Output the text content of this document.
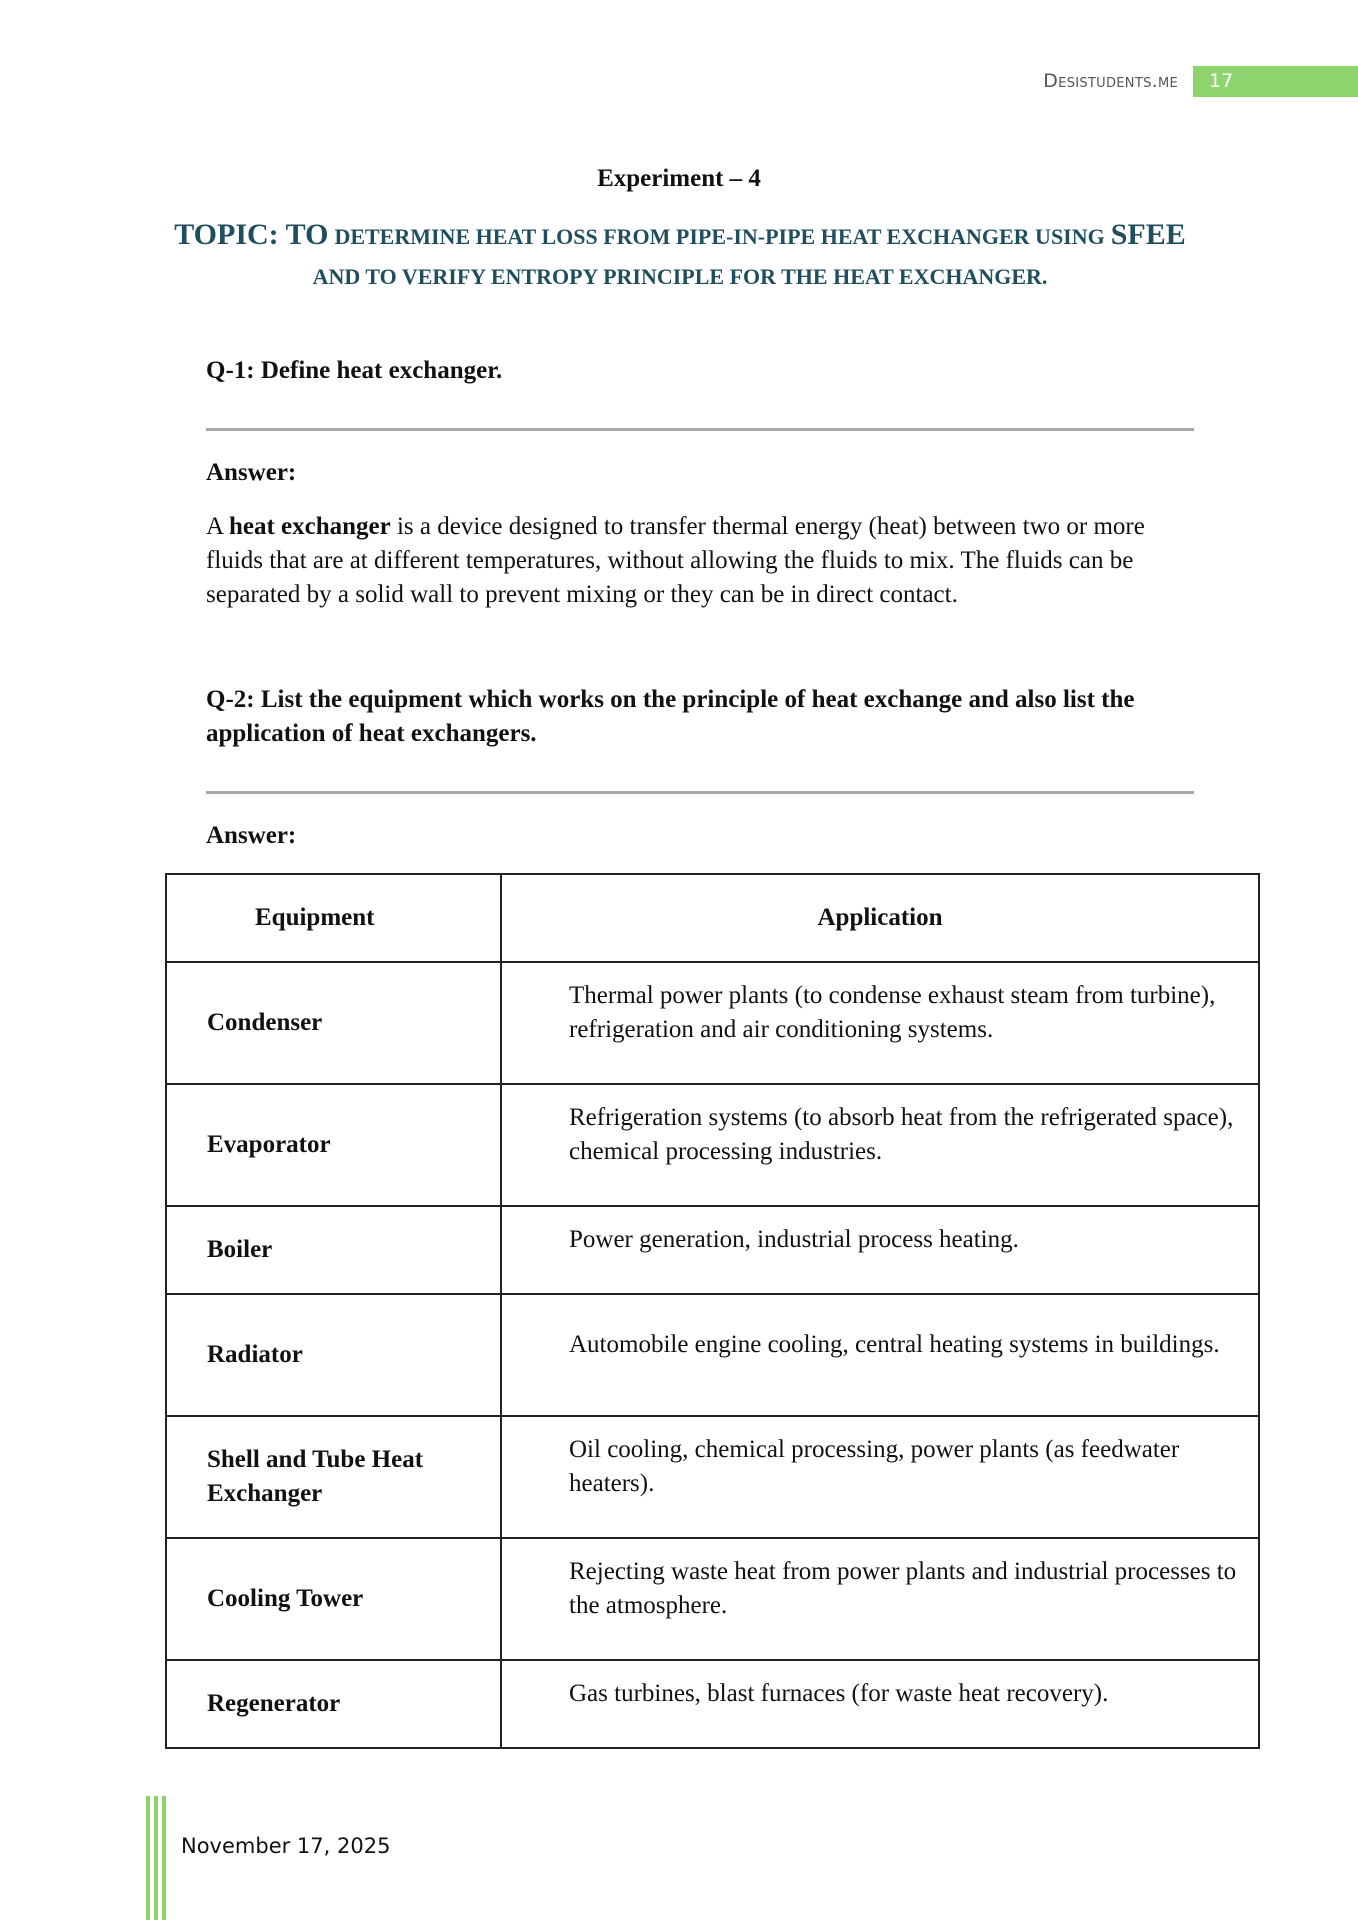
Desistudents.me	17
Experiment – 4
TOPIC: TO DETERMINE HEAT LOSS FROM PIPE-IN-PIPE HEAT EXCHANGER USING SFEE AND TO VERIFY ENTROPY PRINCIPLE FOR THE HEAT EXCHANGER.
Q-1: Define heat exchanger.
Answer:
A heat exchanger is a device designed to transfer thermal energy (heat) between two or more fluids that are at different temperatures, without allowing the fluids to mix. The fluids can be separated by a solid wall to prevent mixing or they can be in direct contact.
Q-2: List the equipment which works on the principle of heat exchange and also list the application of heat exchangers.
Answer:
Equipment	Application
Condenser	Thermal power plants (to condense exhaust steam from turbine), refrigeration and air conditioning systems.

Evaporator	Refrigeration systems (to absorb heat from the refrigerated space), chemical processing industries.

Boiler	Power generation, industrial process heating.

Radiator	Automobile engine cooling, central heating systems in buildings.

Shell and Tube Heat Exchanger	Oil cooling, chemical processing, power plants (as feedwater heaters).

Cooling Tower	Rejecting waste heat from power plants and industrial processes to the atmosphere.

Regenerator	Gas turbines, blast furnaces (for waste heat recovery).
November 17, 2025
